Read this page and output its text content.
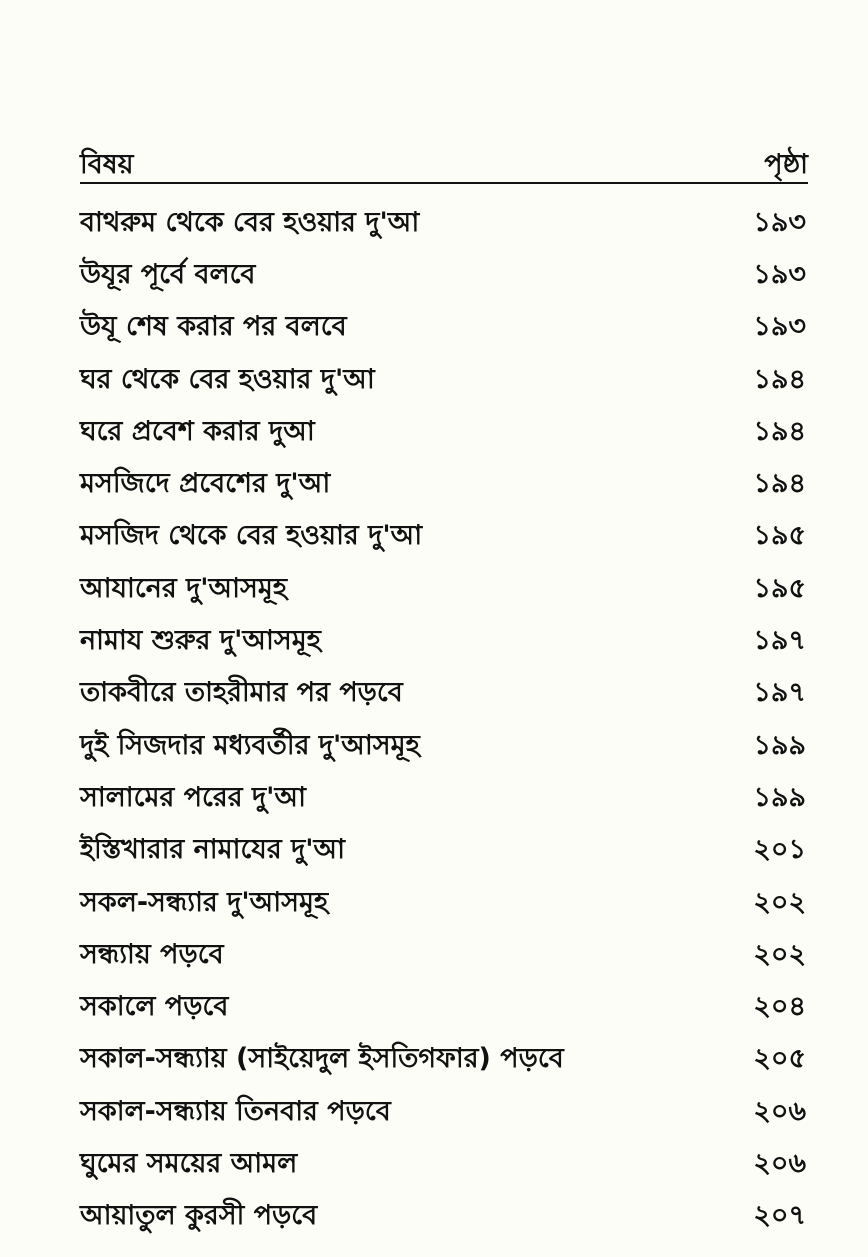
বিষয়	পৃষ্ঠা
বাথরুম থেকে বের হওয়ার দু'আ	১৯৩
উযূর পূর্বে বলবে	১৯৩
উযূ শেষ করার পর বলবে	১৯৩
ঘর থেকে বের হওয়ার দু'আ	১৯৪
ঘরে প্রবেশ করার দুআ	১৯৪
মসজিদে প্রবেশের দু'আ	১৯৪
মসজিদ থেকে বের হওয়ার দু'আ	১৯৫
আযানের দু'আসমূহ	১৯৫
নামায শুরুর দু'আসমূহ	১৯৭
তাকবীরে তাহরীমার পর পড়বে	১৯৭
দুই সিজদার মধ্যবর্তীর দু'আসমূহ	১৯৯
সালামের পরের দু'আ	১৯৯
ইস্তিখারার নামাযের দু'আ	২০১
সকল-সন্ধ্যার দু'আসমূহ	২০২
সন্ধ্যায় পড়বে	২০২
সকালে পড়বে	২০৪
সকাল-সন্ধ্যায় (সাইয়েদুল ইসতিগফার) পড়বে	২০৫
সকাল-সন্ধ্যায় তিনবার পড়বে	২০৬
ঘুমের সময়ের আমল	২০৬
আয়াতুল কুরসী পড়বে	২০৭
